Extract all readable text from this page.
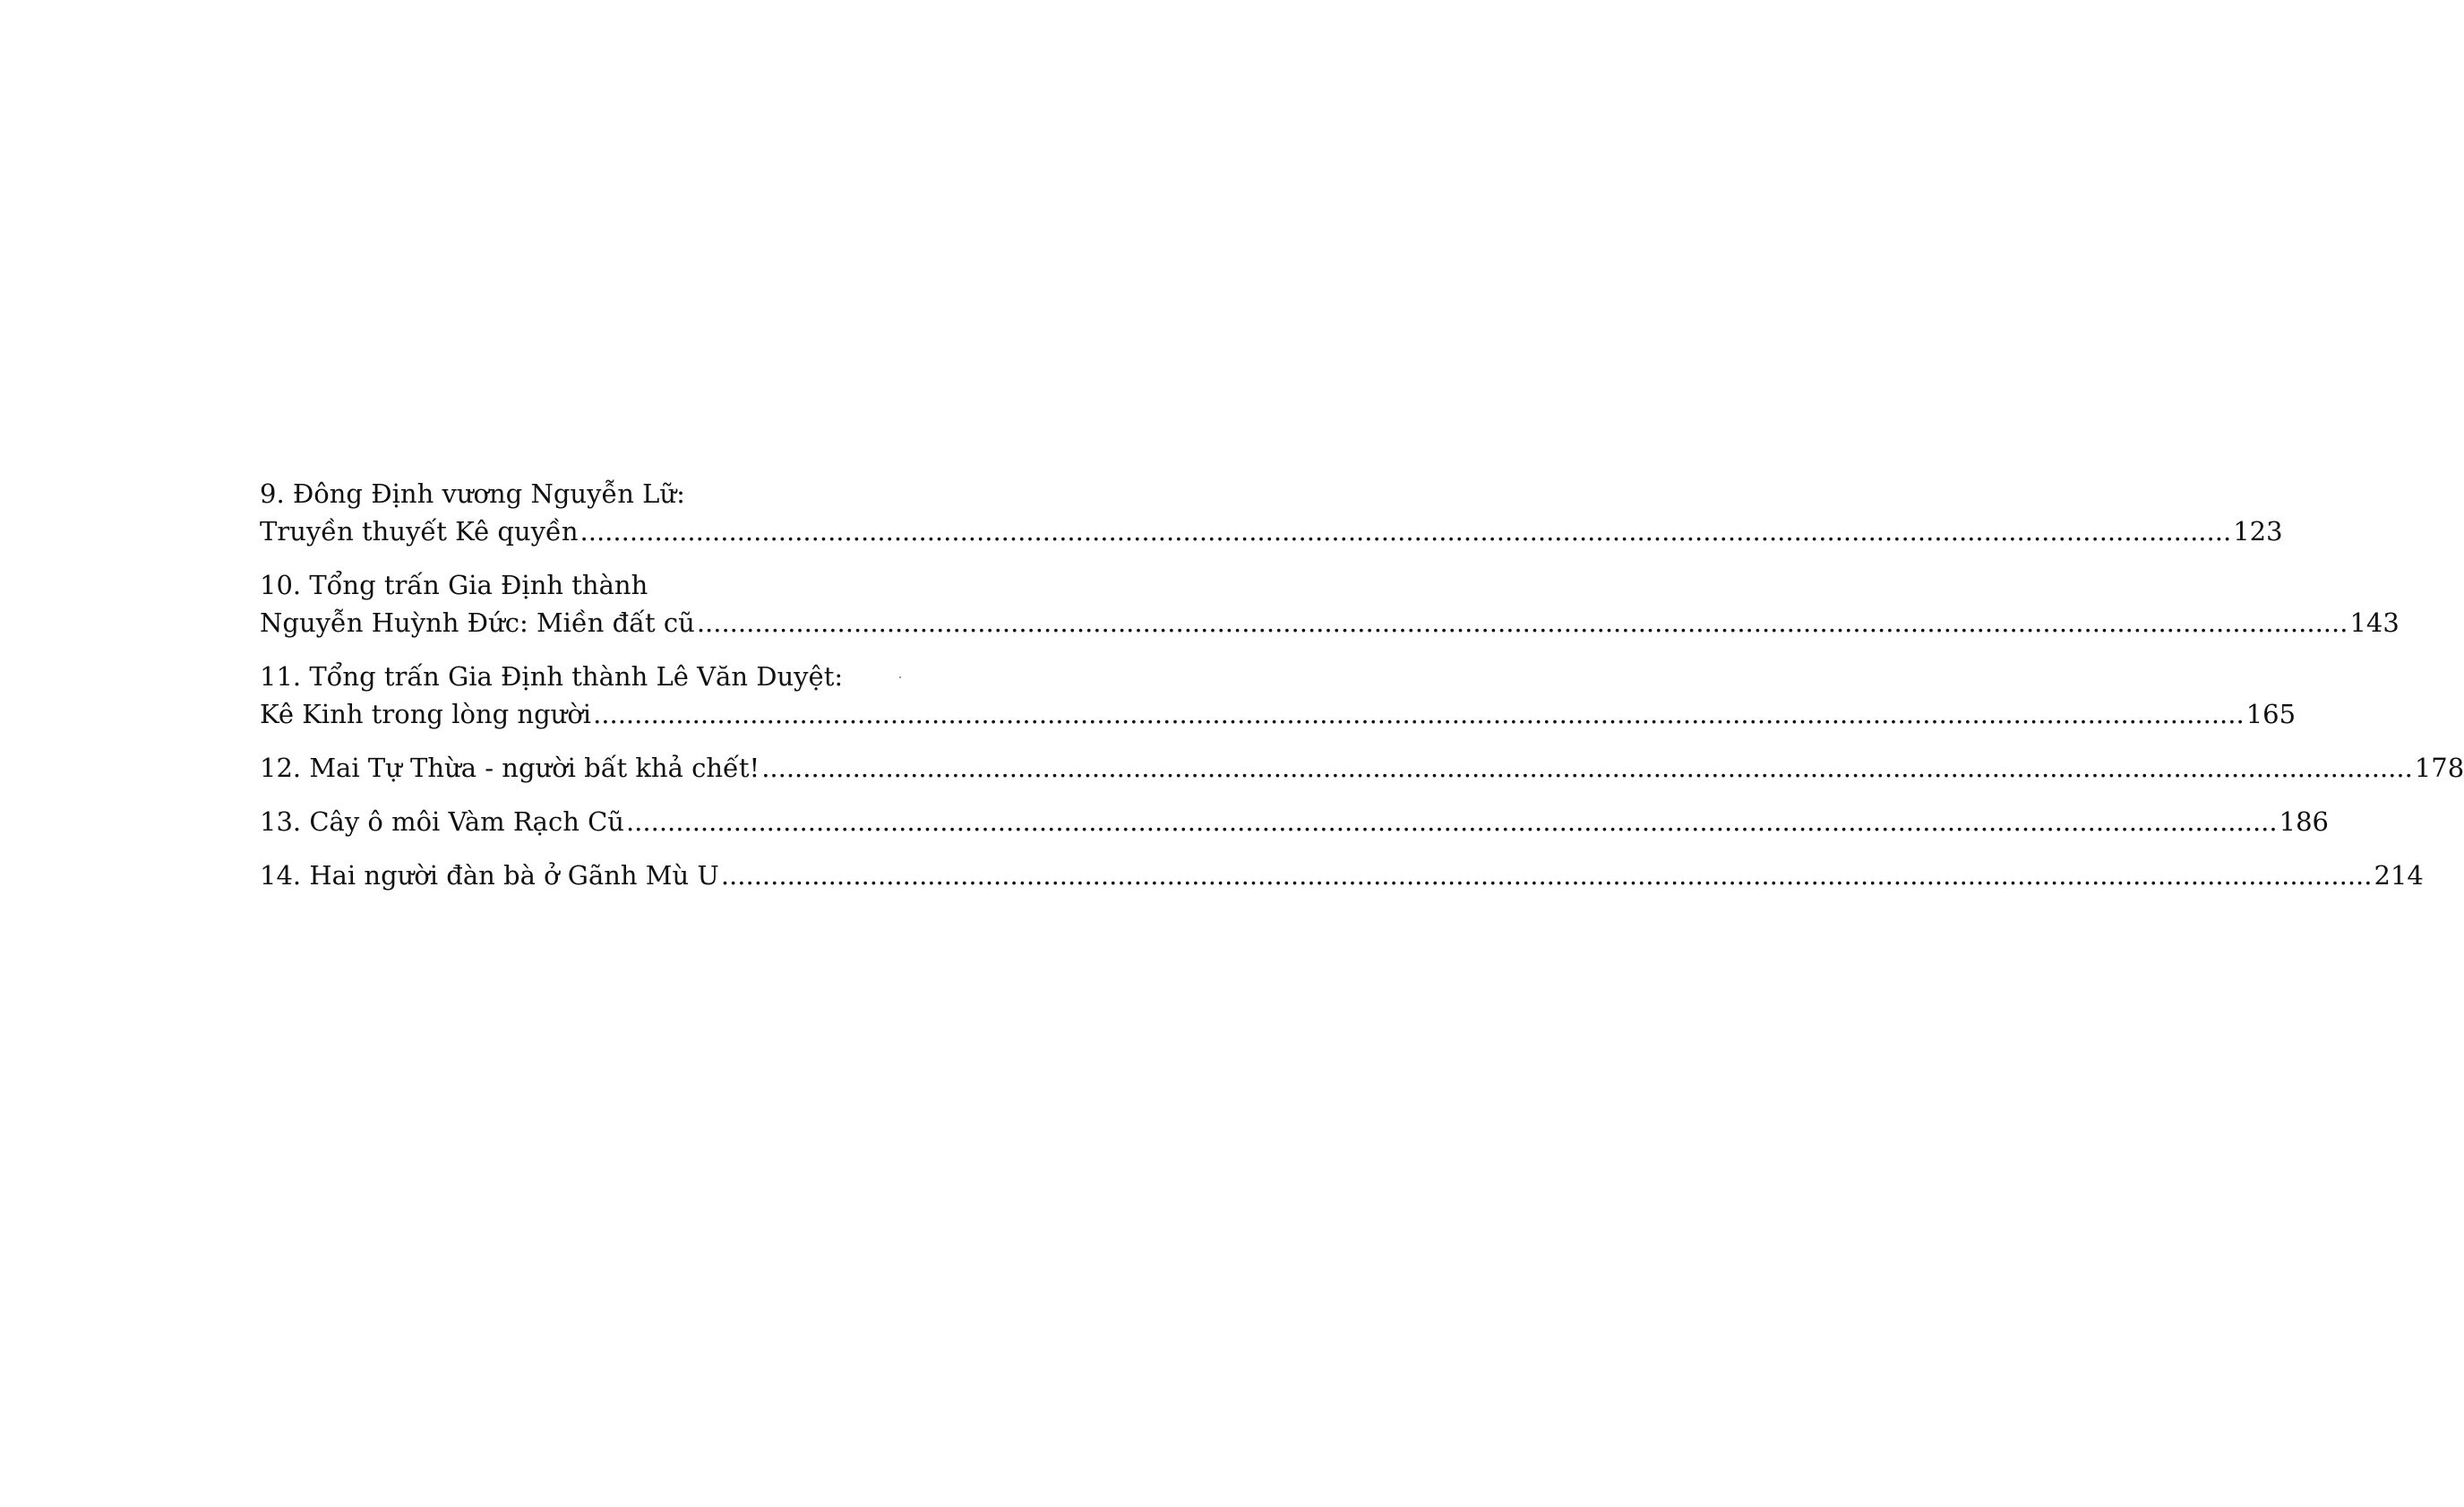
9. Đông Định vương Nguyễn Lữ:
Truyền thuyết Kê quyền ........................................................................................................................................................................................................ 123
10. Tổng trấn Gia Định thành
Nguyễn Huỳnh Đức: Miền đất cũ ........................................................................................................................................................................................................ 143
11. Tổng trấn Gia Định thành Lê Văn Duyệt:
Kê Kinh trong lòng người ........................................................................................................................................................................................................ 165
12. Mai Tự Thừa - người bất khả chết! ........................................................................................................................................................................................................ 178
13. Cây ô môi Vàm Rạch Cũ ........................................................................................................................................................................................................ 186
14. Hai người đàn bà ở Gãnh Mù U ........................................................................................................................................................................................................ 214
